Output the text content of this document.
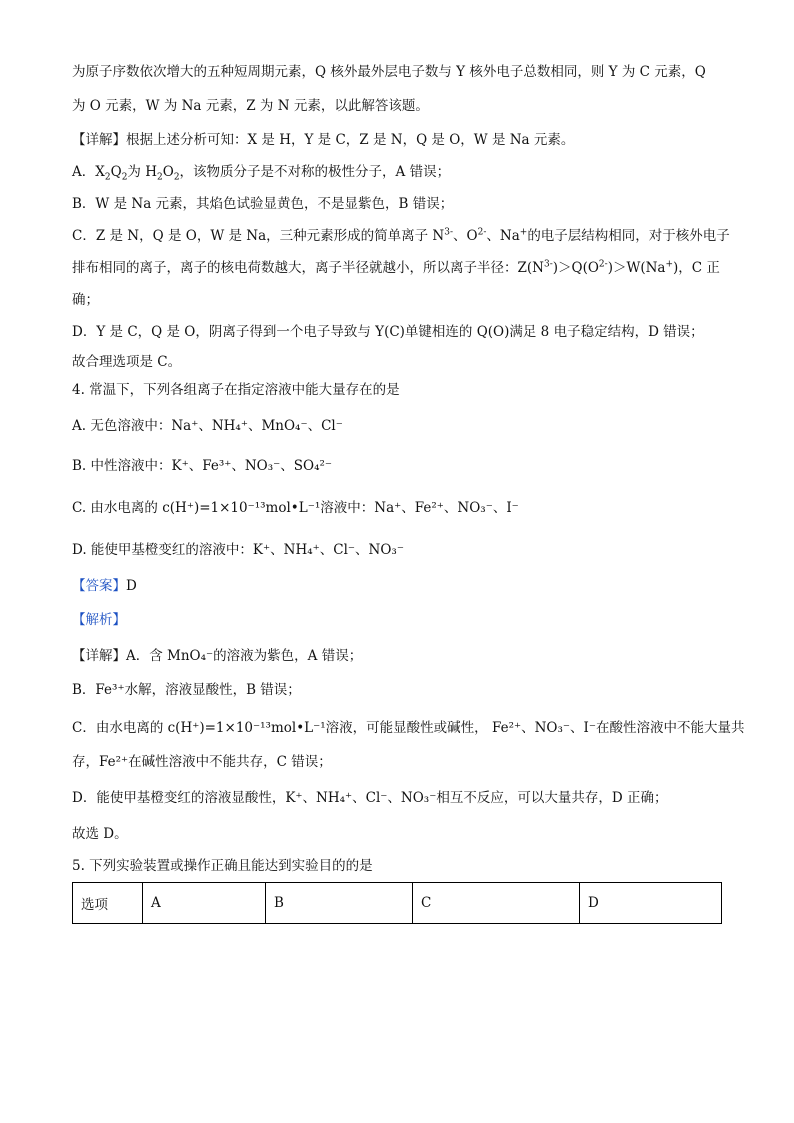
为原子序数依次增大的五种短周期元素，Q 核外最外层电子数与 Y 核外电子总数相同，则 Y 为 C 元素，Q
为 O 元素，W 为 Na 元素，Z 为 N 元素，以此解答该题。
【详解】根据上述分析可知：X 是 H，Y 是 C，Z 是 N，Q 是 O，W 是 Na 元素。
A．$X_2Q_2$为 $H_2O_2$，该物质分子是不对称的极性分子，A 错误；
B．W 是 Na 元素，其焰色试验显黄色，不是显紫色，B 错误；
C．Z 是 N，Q 是 O，W 是 Na，三种元素形成的简单离子 $N^{3-}$、$O^{2-}$、Na+的电子层结构相同，对于核外电子
排布相同的离子，离子的核电荷数越大，离子半径就越小，所以离子半径：$Z(N^{3-})>Q(O^{2-})>W(Na^+)$，C 正
确；
D．Y 是 C，Q 是 O，阴离子得到一个电子导致与 Y(C)单键相连的 Q(O)满足 8 电子稳定结构，D 错误；
故合理选项是 C。
4. 常温下，下列各组离子在指定溶液中能大量存在的是
A. 无色溶液中：Na⁺、NH₄⁺、MnO₄⁻、Cl⁻
B. 中性溶液中：K⁺、Fe³⁺、NO₃⁻、SO₄²⁻
C. 由水电离的 c(H⁺)=1×10⁻¹³mol•L⁻¹溶液中：Na⁺、Fe²⁺、NO₃⁻、I⁻
D. 能使甲基橙变红的溶液中：K⁺、NH₄⁺、Cl⁻、NO₃⁻
【答案】D
【解析】
【详解】A．含 MnO₄⁻的溶液为紫色，A 错误；
B．Fe³⁺水解，溶液显酸性，B 错误；
C．由水电离的 c(H⁺)=1×10⁻¹³mol•L⁻¹溶液，可能显酸性或碱性， Fe²⁺、NO₃⁻、I⁻在酸性溶液中不能大量共
存，Fe²⁺在碱性溶液中不能共存，C 错误；
D．能使甲基橙变红的溶液显酸性，K⁺、NH₄⁺、Cl⁻、NO₃⁻相互不反应，可以大量共存，D 正确；
故选 D。
5. 下列实验装置或操作正确且能达到实验目的的是
选项	A	B	C	D
